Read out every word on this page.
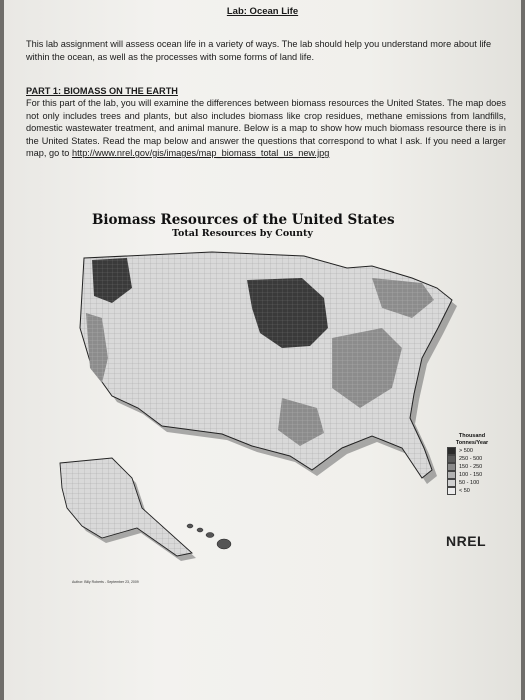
Lab: Ocean Life
This lab assignment will assess ocean life in a variety of ways. The lab should help you understand more about life within the ocean, as well as the processes with some forms of land life.
PART 1: BIOMASS ON THE EARTH
For this part of the lab, you will examine the differences between biomass resources the United States. The map does not only includes trees and plants, but also includes biomass like crop residues, methane emissions from landfills, domestic wastewater treatment, and animal manure. Below is a map to show how much biomass resource there is in the United States. Read the map below and answer the questions that correspond to what I ask. If you need a larger map, go to http://www.nrel.gov/gis/images/map_biomass_total_us_new.jpg
Biomass Resources of the United States
Total Resources by County
Thousand Tonnes/Year
> 500
250 - 500
150 - 250
100 - 150
50 - 100
< 50
NREL
Author: Billy Roberts - September 23, 2009
